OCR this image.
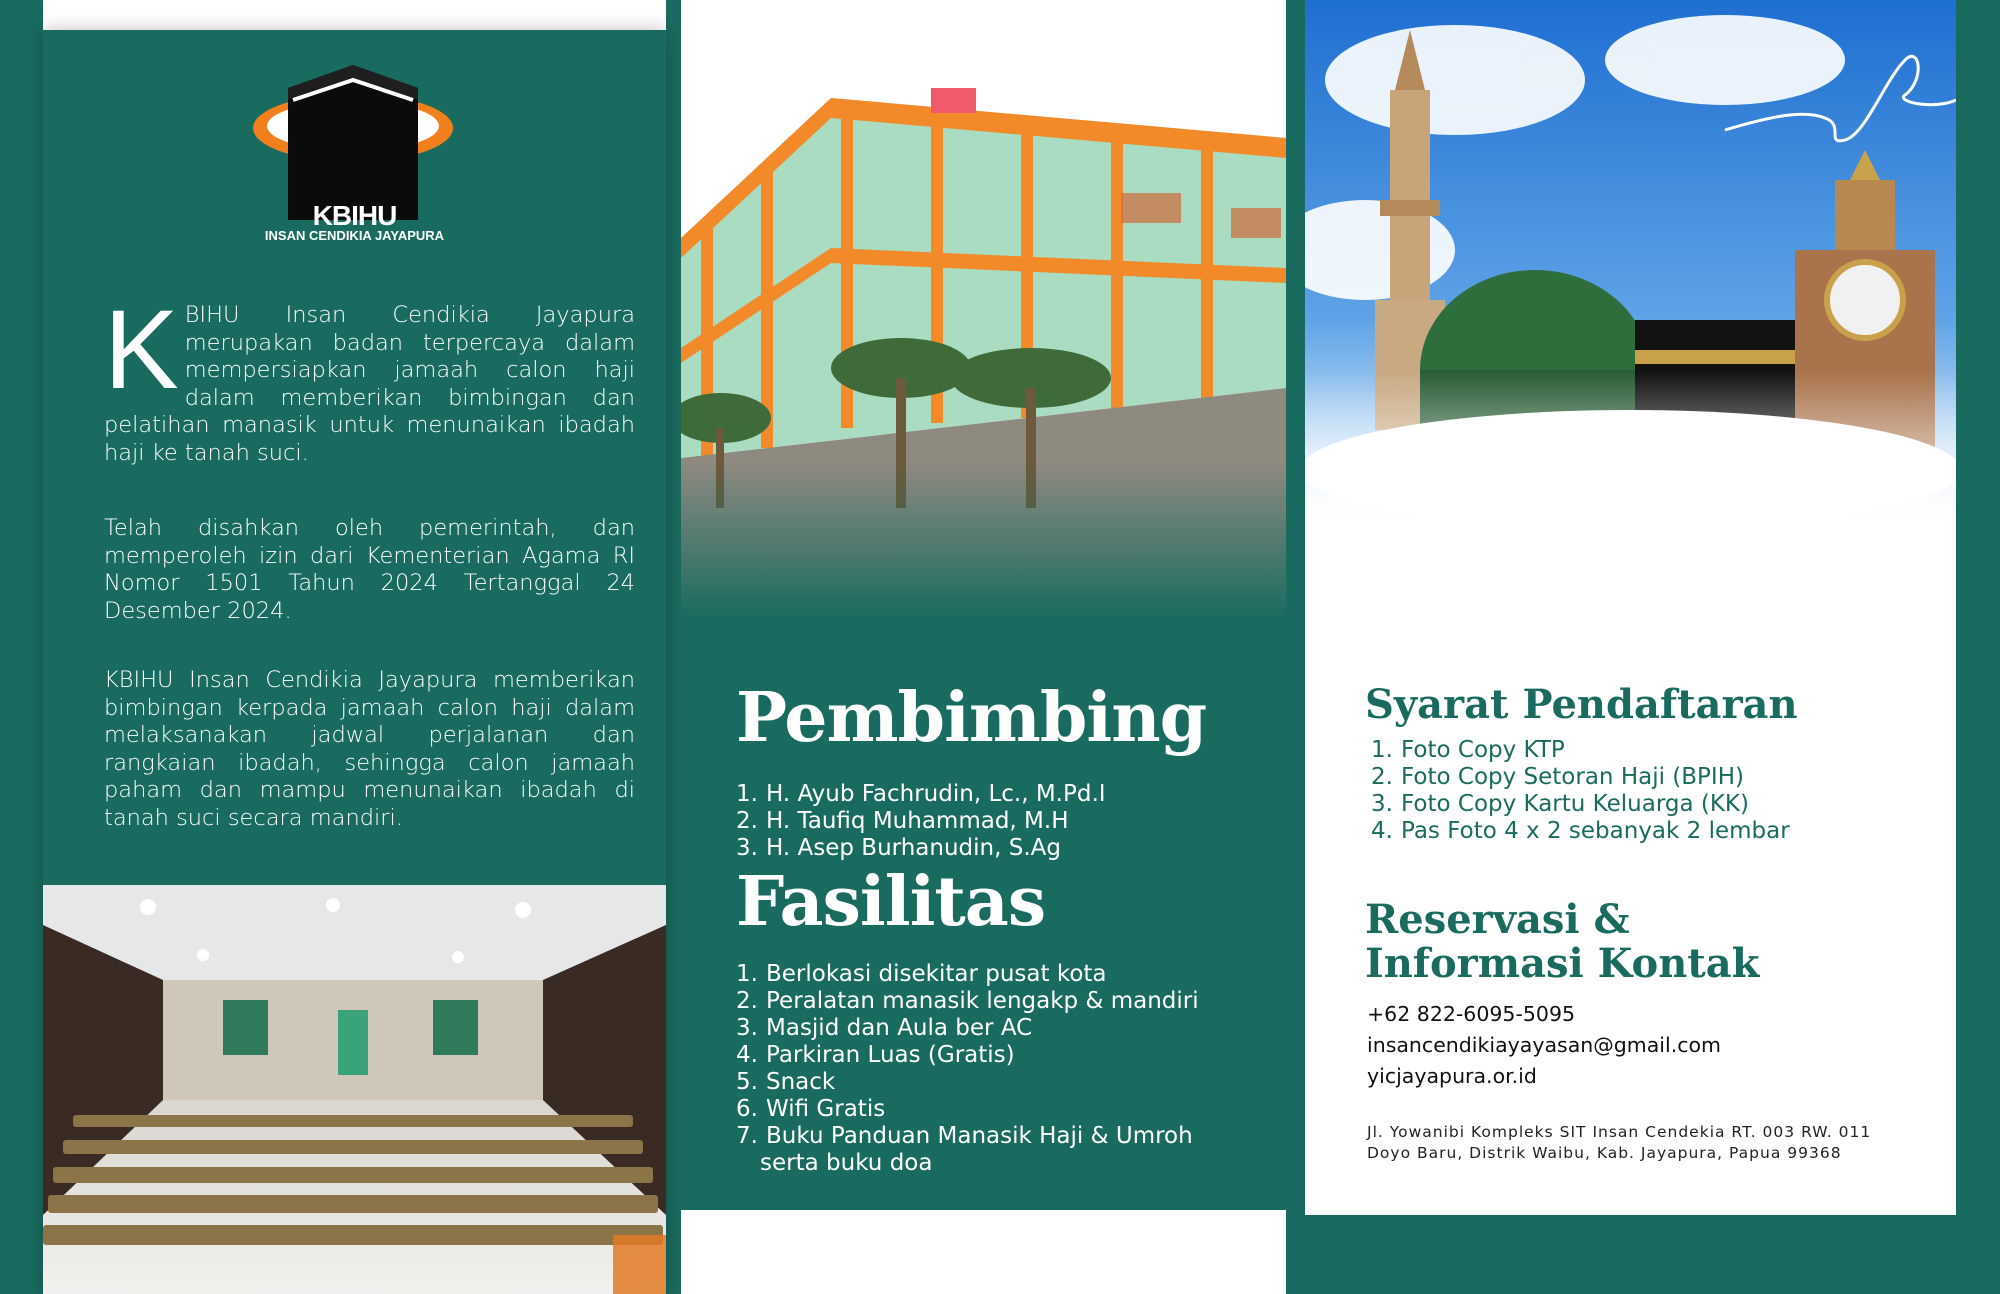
KBIHU
INSAN CENDIKIA JAYAPURA
KBIHU Insan Cendikia Jayapura merupakan badan terpercaya dalam mempersiapkan jamaah calon haji dalam memberikan bimbingan dan pelatihan manasik untuk menunaikan ibadah haji ke tanah suci.
Telah disahkan oleh pemerintah, dan memperoleh izin dari Kementerian Agama RI Nomor 1501 Tahun 2024 Tertanggal 24 Desember 2024.
KBIHU Insan Cendikia Jayapura memberikan bimbingan kerpada jamaah calon haji dalam melaksanakan jadwal perjalanan dan rangkaian ibadah, sehingga calon jamaah paham dan mampu menunaikan ibadah di tanah suci secara mandiri.
Pembimbing
1. H. Ayub Fachrudin, Lc., M.Pd.I
2. H. Taufiq Muhammad, M.H
3. H. Asep Burhanudin, S.Ag
Fasilitas
1. Berlokasi disekitar pusat kota
2. Peralatan manasik lengakp & mandiri
3. Masjid dan Aula ber AC
4. Parkiran Luas (Gratis)
5. Snack
6. Wifi Gratis
7. Buku Panduan Manasik Haji & Umroh
serta buku doa
Syarat Pendaftaran
1. Foto Copy KTP
2. Foto Copy Setoran Haji (BPIH)
3. Foto Copy Kartu Keluarga (KK)
4. Pas Foto 4 x 2 sebanyak 2 lembar
Reservasi &
Informasi Kontak
+62 822-6095-5095
insancendikiayayasan@gmail.com
yicjayapura.or.id
Jl. Yowanibi Kompleks SIT Insan Cendekia RT. 003 RW. 011
Doyo Baru, Distrik Waibu, Kab. Jayapura, Papua 99368
